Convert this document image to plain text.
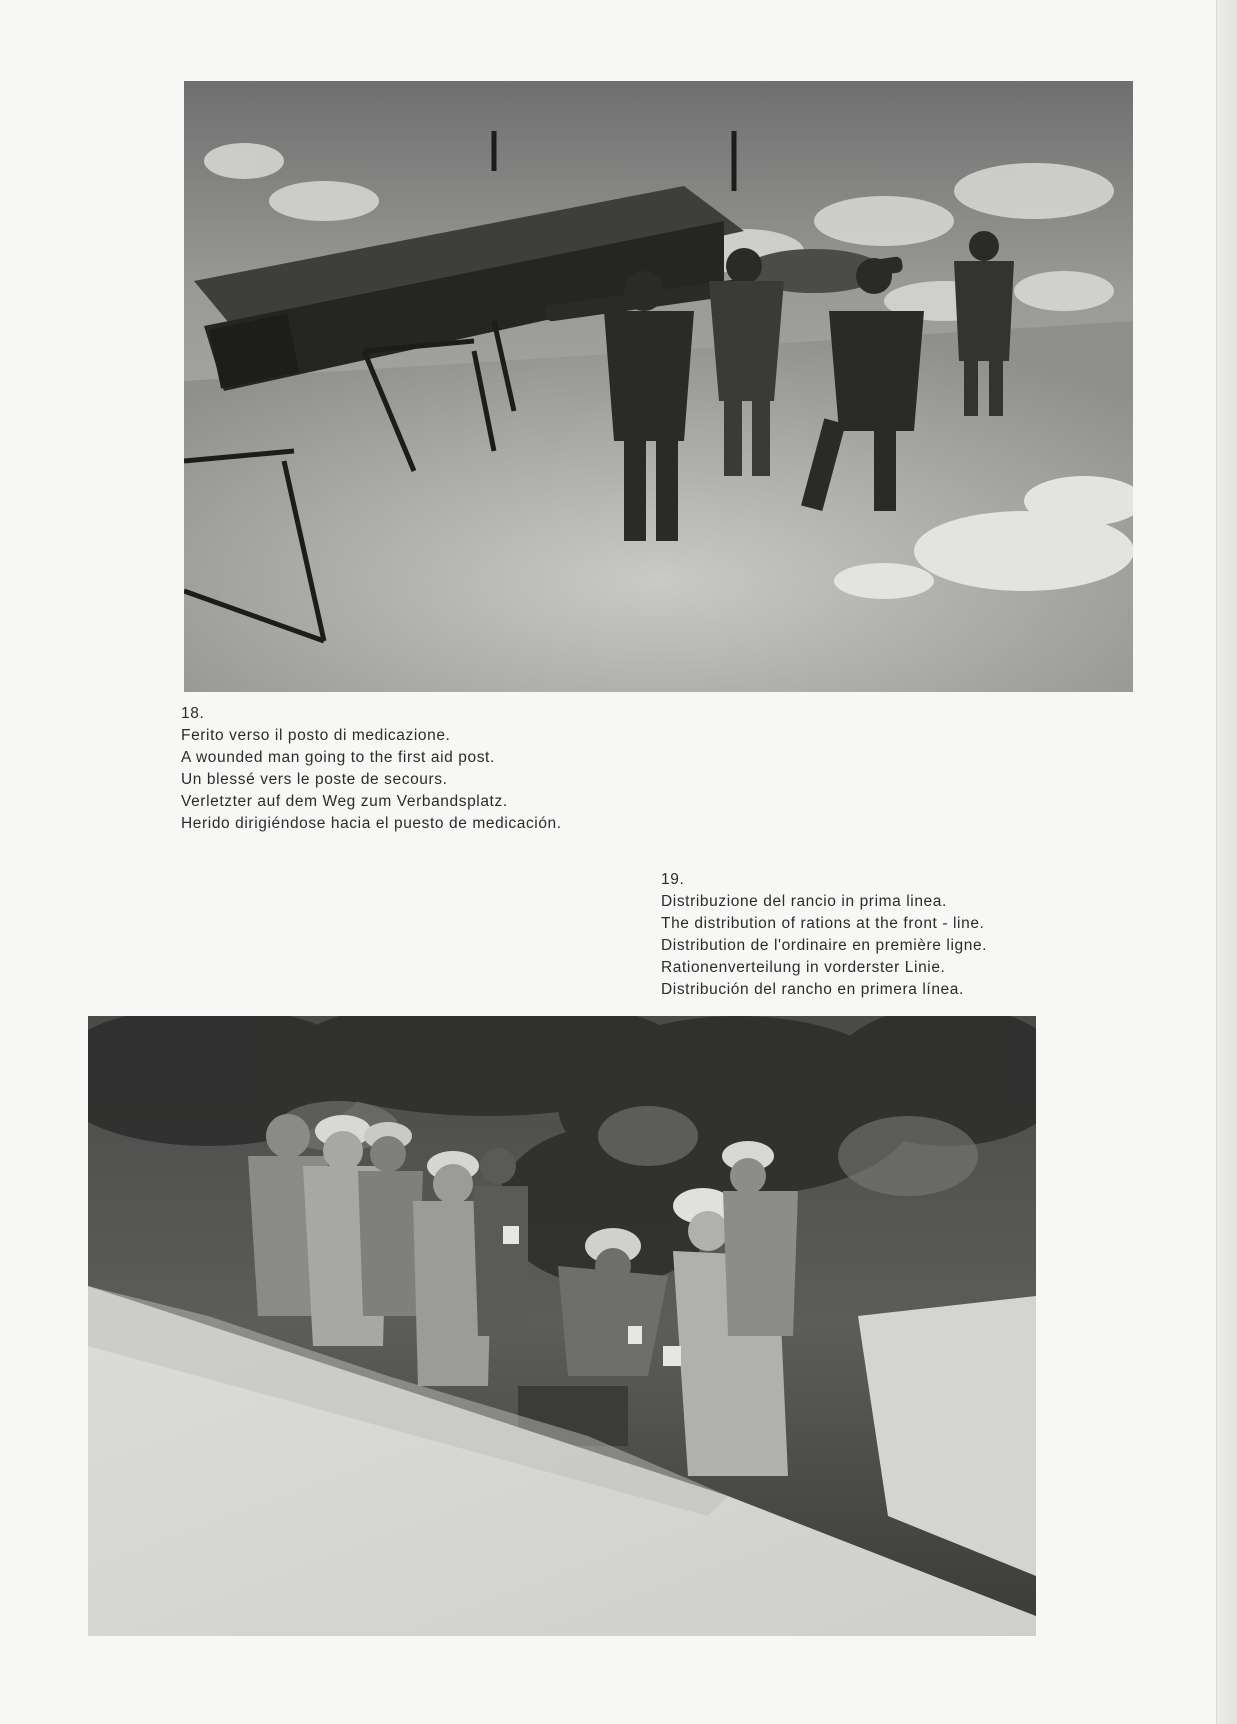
18.
Ferito verso il posto di medicazione.
A wounded man going to the first aid post.
Un blessé vers le poste de secours.
Verletzter auf dem Weg zum Verbandsplatz.
Herido dirigiéndose hacia el puesto de medicación.
19.
Distribuzione del rancio in prima linea.
The distribution of rations at the front - line.
Distribution de l'ordinaire en première ligne.
Rationenverteilung in vorderster Linie.
Distribución del rancho en primera línea.
